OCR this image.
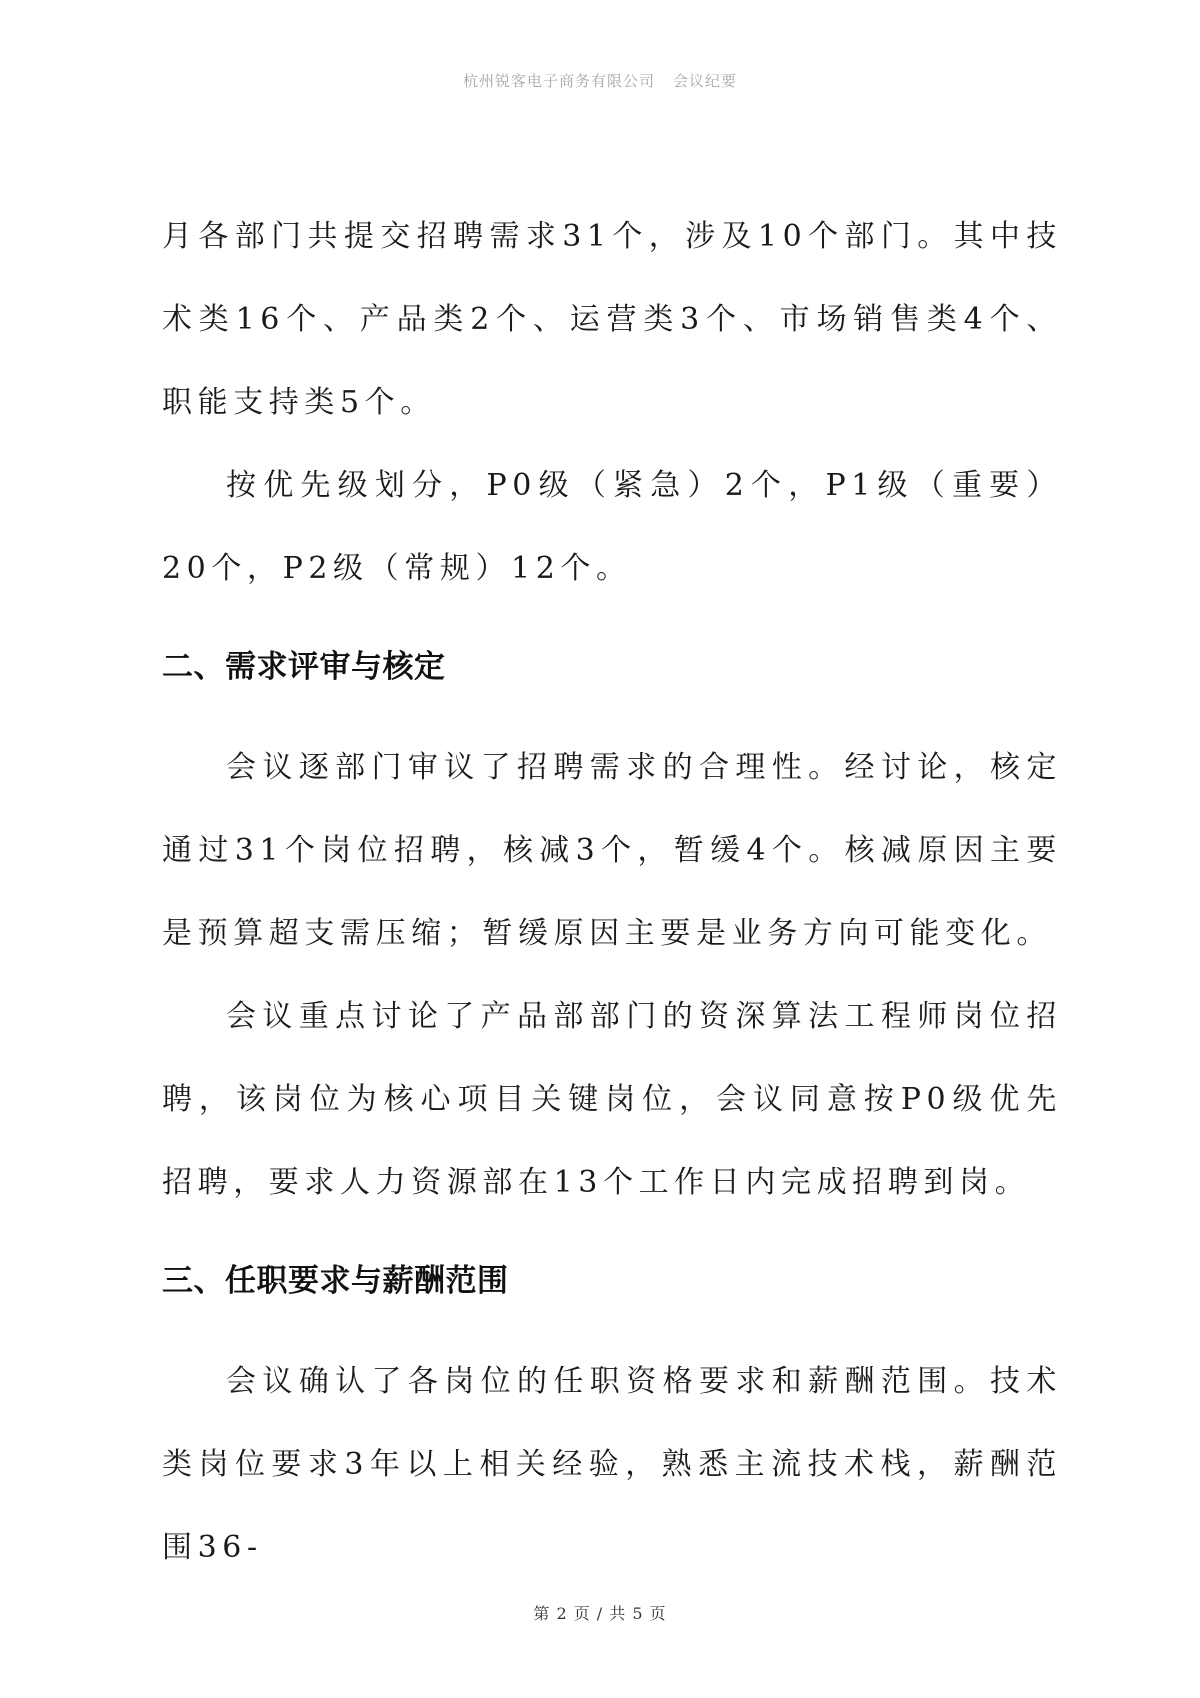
杭州锐客电子商务有限公司 会议纪要

月各部门共提交招聘需求31个，涉及10个部门。其中技术类16个、产品类2个、运营类3个、市场销售类4个、职能支持类5个。

按优先级划分，P0级（紧急）2个，P1级（重要）20个，P2级（常规）12个。

二、需求评审与核定

会议逐部门审议了招聘需求的合理性。经讨论，核定通过31个岗位招聘，核减3个，暂缓4个。核减原因主要是预算超支需压缩；暂缓原因主要是业务方向可能变化。

会议重点讨论了产品部部门的资深算法工程师岗位招聘，该岗位为核心项目关键岗位，会议同意按P0级优先招聘，要求人力资源部在13个工作日内完成招聘到岗。

三、任职要求与薪酬范围

会议确认了各岗位的任职资格要求和薪酬范围。技术类岗位要求3年以上相关经验，熟悉主流技术栈，薪酬范围36-

第 2 页 / 共 5 页
